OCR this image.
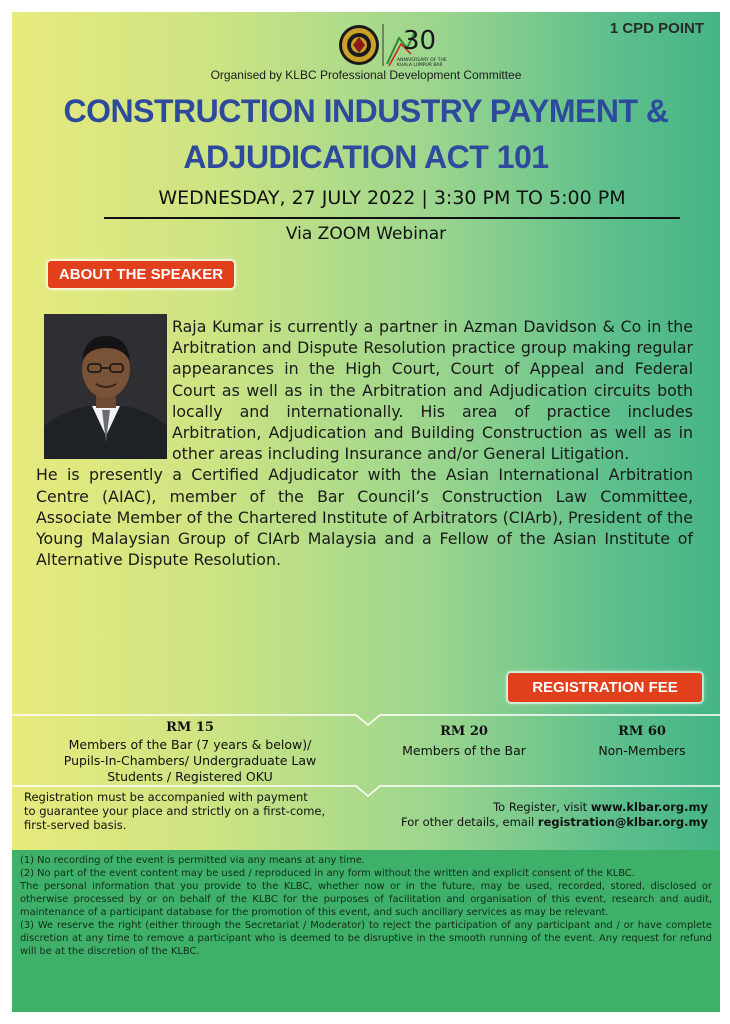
30
ANNIVERSARY OF THE
KUALA LUMPUR BAR
1 CPD POINT
Organised by KLBC Professional Development Committee
CONSTRUCTION INDUSTRY PAYMENT &
ADJUDICATION ACT 101
WEDNESDAY, 27 JULY 2022 | 3:30 PM TO 5:00 PM
Via ZOOM Webinar
ABOUT THE SPEAKER

Raja Kumar is currently a partner in Azman Davidson & Co in the Arbitration and Dispute Resolution practice group making regular appearances in the High Court, Court of Appeal and Federal Court as well as in the Arbitration and Adjudication circuits both locally and internationally. His area of practice includes Arbitration, Adjudication and Building Construction as well as in other areas including Insurance and/or General Litigation.

He is presently a Certified Adjudicator with the Asian International Arbitration Centre (AIAC), member of the Bar Council’s Construction Law Committee, Associate Member of the Chartered Institute of Arbitrators (CIArb), President of the Young Malaysian Group of CIArb Malaysia and a Fellow of the Asian Institute of Alternative Dispute Resolution.

REGISTRATION FEE
RM 15
Members of the Bar (7 years & below)/
Pupils-In-Chambers/ Undergraduate Law
Students / Registered OKU
RM 20
Members of the Bar
RM 60
Non-Members
Registration must be accompanied with payment
to guarantee your place and strictly on a first-come,
first-served basis.
To Register, visit www.klbar.org.my
For other details, email registration@klbar.org.my

(1) No recording of the event is permitted via any means at any time.

(2) No part of the event content may be used / reproduced in any form without the written and explicit consent of the KLBC.

The personal information that you provide to the KLBC, whether now or in the future, may be used, recorded, stored, disclosed or otherwise processed by or on behalf of the KLBC for the purposes of facilitation and organisation of this event, research and audit, maintenance of a participant database for the promotion of this event, and such ancillary services as may be relevant.

(3) We reserve the right (either through the Secretariat / Moderator) to reject the participation of any participant and / or have complete discretion at any time to remove a participant who is deemed to be disruptive in the smooth running of the event. Any request for refund will be at the discretion of the KLBC.
